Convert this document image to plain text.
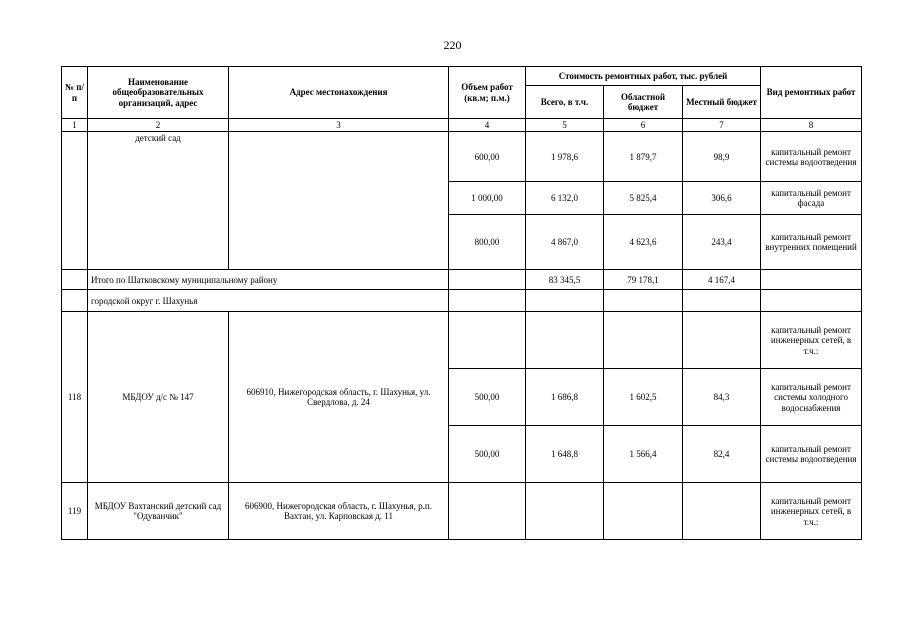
220
№ п/п	Наименование общеобразовательных организаций, адрес	Адрес местонахождения	Объем работ (кв.м; п.м.)	Стоимость ремонтных работ, тыс. рублей			Вид ремонтных работ
				Всего, в т.ч.	Областной бюджет	Местный бюджет	
1	2	3	4	5	6	7	8
	детский сад		600,00	1 978,6	1 879,7	98,9	капитальный ремонт системы водоотведения
			1 000,00	6 132,0	5 825,4	306,6	капитальный ремонт фасада
			800,00	4 867,0	4 623,6	243,4	капитальный ремонт внутренних помещений
	Итого по Шатковскому муниципальному району			83 345,5	79 178,1	4 167,4	
	городской округ г. Шахунья						
118	МБДОУ д/с № 147	606910, Нижегородская область, г. Шахунья, ул. Свердлова, д. 24					капитальный ремонт инженерных сетей, в т.ч.:
			500,00	1 686,8	1 602,5	84,3	капитальный ремонт системы холодного водоснабжения
			500,00	1 648,8	1 566,4	82,4	капитальный ремонт системы водоотведения
119	МБДОУ Вахтанский детский сад "Одуванчик"	606900, Нижегородская область, г. Шахунья, р.п. Вахтан, ул. Карповская д. 11					капитальный ремонт инженерных сетей, в т.ч.:
